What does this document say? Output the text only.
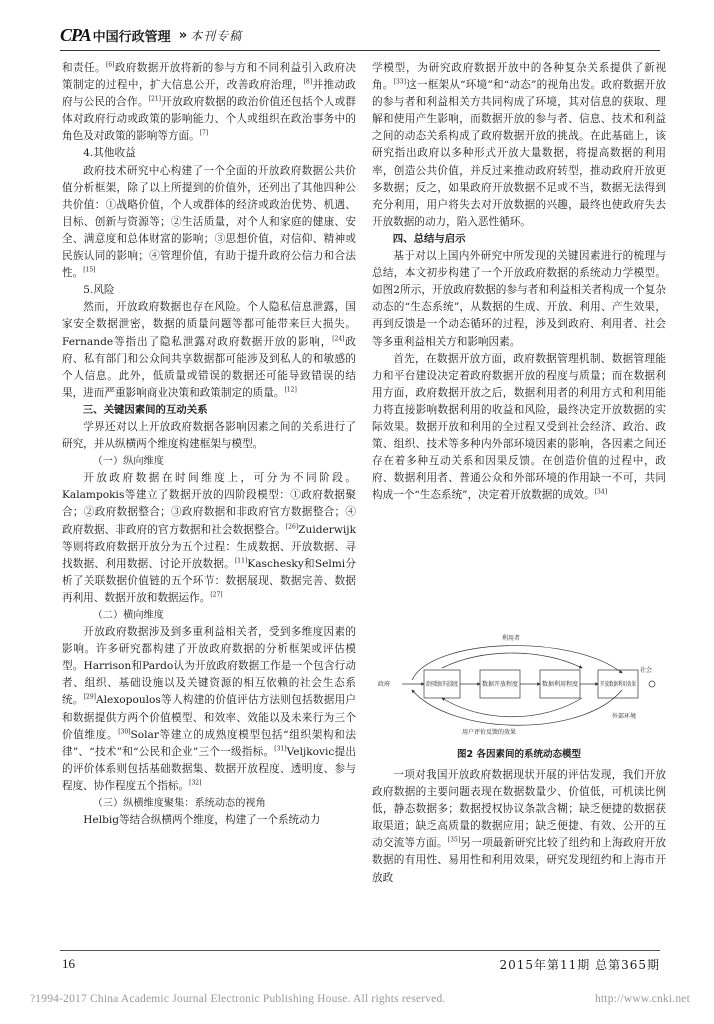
CPA 中国行政管理 » 本刊专稿

和责任。[6]政府数据开放将新的参与方和不同利益引入政府决策制定的过程中，扩大信息公开，改善政府治理，[8]并推动政府与公民的合作。[21]开放政府数据的政治价值还包括个人或群体对政府行动或政策的影响能力、个人或组织在政治事务中的角色及对政策的影响等方面。[7]

4.其他收益

政府技术研究中心构建了一个全面的开放政府数据公共价值分析框架，除了以上所提到的价值外，还列出了其他四种公共价值：①战略价值，个人或群体的经济或政治优势、机遇、目标、创新与资源等；②生活质量，对个人和家庭的健康、安全、满意度和总体财富的影响；③思想价值，对信仰、精神或民族认同的影响；④管理价值，有助于提升政府公信力和合法性。[15]

5.风险

然而，开放政府数据也存在风险。个人隐私信息泄露，国家安全数据泄密，数据的质量问题等都可能带来巨大损失。Fernande等指出了隐私泄露对政府数据开放的影响，[24]政府、私有部门和公众间共享数据都可能涉及到私人的和敏感的个人信息。此外，低质量或错误的数据还可能导致错误的结果，进而严重影响商业决策和政策制定的质量。[12]

三、关键因素间的互动关系

学界还对以上开放政府数据各影响因素之间的关系进行了研究，并从纵横两个维度构建框架与模型。

（一）纵向维度

开放政府数据在时间维度上，可分为不同阶段。Kalampokis等建立了数据开放的四阶段模型：①政府数据聚合；②政府数据整合；③政府数据和非政府官方数据整合；④政府数据、非政府的官方数据和社会数据整合。[26]Zuiderwijk等则将政府数据开放分为五个过程：生成数据、开放数据、寻找数据、利用数据、讨论开放数据。[11]Kaschesky和Selmi分析了关联数据价值链的五个环节：数据展现、数据完善、数据再利用、数据开放和数据运作。[27]

（二）横向维度

开放政府数据涉及到多重利益相关者，受到多维度因素的影响。许多研究都构建了开放政府数据的分析框架或评估模型。Harrison和Pardo认为开放政府数据工作是一个包含行动者、组织、基础设施以及关键资源的相互依赖的社会生态系统。[29]Alexopoulos等人构建的价值评估方法则包括数据用户和数据提供方两个价值模型、和效率、效能以及未来行为三个价值维度。[30]Solar等建立的成熟度模型包括“组织架构和法律”、“技术”和“公民和企业”三个一级指标。[31]Veljkovic提出的评价体系则包括基础数据集、数据开放程度、透明度、参与程度、协作程度五个指标。[32]

（三）纵横维度聚集：系统动态的视角

Helbig等结合纵横两个维度，构建了一个系统动力

学模型，为研究政府数据开放中的各种复杂关系提供了新视角。[33]这一框架从“环境”和“动态”的视角出发。政府数据开放的参与者和利益相关方共同构成了环境，其对信息的获取、理解和使用产生影响，而数据开放的参与者、信息、技术和利益之间的动态关系构成了政府数据开放的挑战。在此基础上，该研究指出政府以多种形式开放大量数据，将提高数据的利用率，创造公共价值，并反过来推动政府转型，推动政府开放更多数据；反之，如果政府开放数据不足或不当，数据无法得到充分利用，用户将失去对开放数据的兴趣，最终也使政府失去开放数据的动力，陷入恶性循环。

四、总结与启示

基于对以上国内外研究中所发现的关键因素进行的梳理与总结，本文初步构建了一个开放政府数据的系统动力学模型。如图2所示，开放政府数据的参与者和利益相关者构成一个复杂动态的“生态系统”，从数据的生成、开放、利用、产生效果，再到反馈是一个动态循环的过程，涉及到政府、利用者、社会等多重利益相关方和影响因素。

首先，在数据开放方面，政府数据管理机制、数据管理能力和平台建设决定着政府数据开放的程度与质量；而在数据利用方面，政府数据开放之后，数据利用者的利用方式和利用能力将直接影响数据利用的收益和风险，最终决定开放数据的实际效果。数据开放和利用的全过程又受到社会经济、政治、政策、组织、技术等多种内外部环境因素的影响，各因素之间还存在着多种互动关系和因果反馈。在创造价值的过程中，政府、数据利用者、普通公众和外部环境的作用缺一不可，共同构成一个“生态系统”，决定着开放数据的成效。[34]

政府	政府数据开放制度 数据开放程度	数据利用程度	开放数据利用效果
社会
利用者
用户评价反馈的效果
外部环境
图2 各因素间的系统动态模型

一项对我国开放政府数据现状开展的评估发现，我们开放政府数据的主要问题表现在数据数量少、价值低，可机读比例低，静态数据多；数据授权协议条款含糊；缺乏便捷的数据获取渠道；缺乏高质量的数据应用；缺乏便捷、有效、公开的互动交流等方面。[35]另一项最新研究比较了纽约和上海政府开放数据的有用性、易用性和利用效果，研究发现纽约和上海市开放政

16	2015年第11期 总第365期
?1994-2017 China Academic Journal Electronic Publishing House. All rights reserved.	http://www.cnki.net
